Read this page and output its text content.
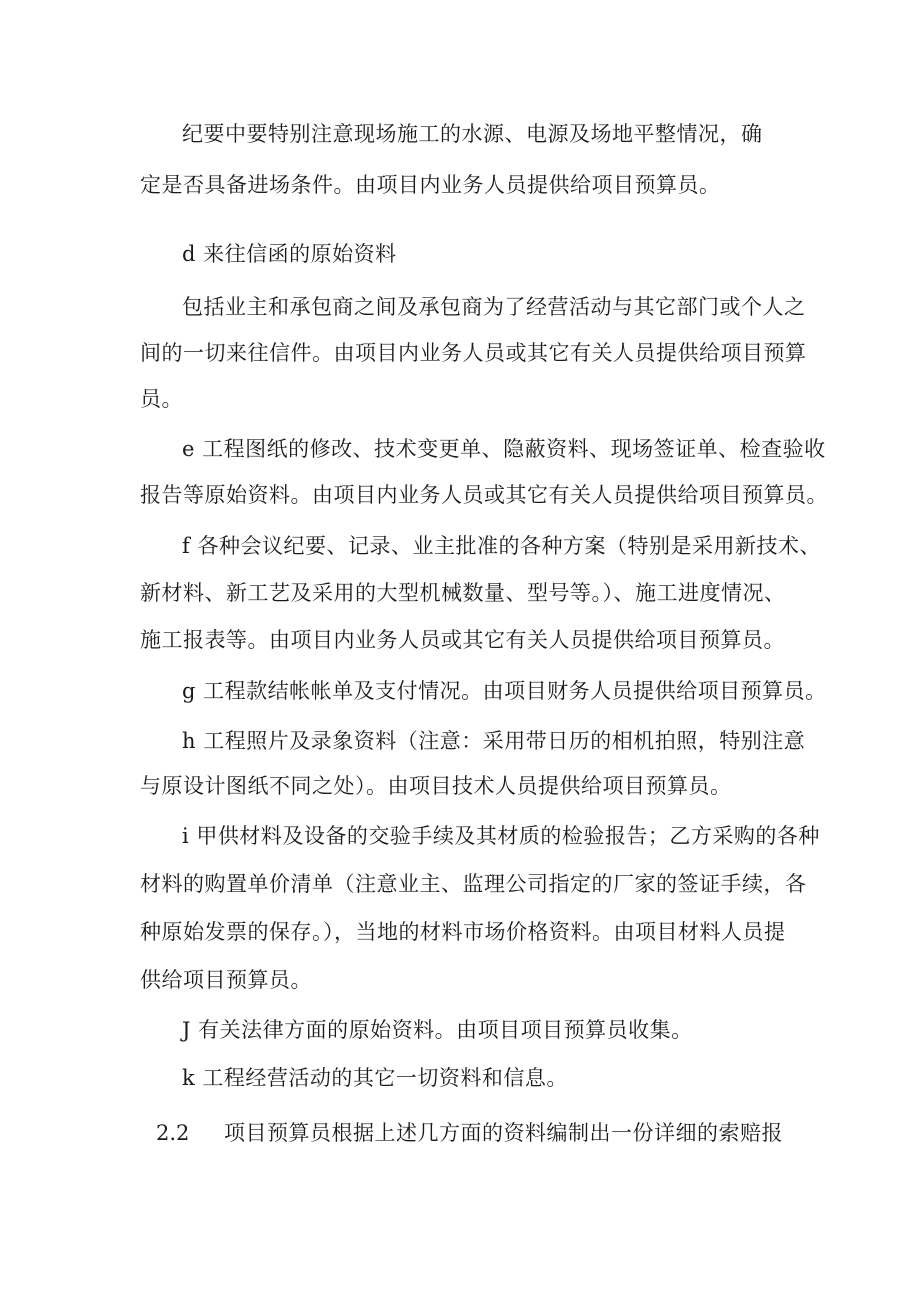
纪要中要特别注意现场施工的水源、电源及场地平整情况，确
定是否具备进场条件。由项目内业务人员提供给项目预算员。
d 来往信函的原始资料
包括业主和承包商之间及承包商为了经营活动与其它部门或个人之
间的一切来往信件。由项目内业务人员或其它有关人员提供给项目预算
员。
e 工程图纸的修改、技术变更单、隐蔽资料、现场签证单、检查验收
报告等原始资料。由项目内业务人员或其它有关人员提供给项目预算员。
f 各种会议纪要、记录、业主批准的各种方案（特别是采用新技术、
新材料、新工艺及采用的大型机械数量、型号等。）、施工进度情况、
施工报表等。由项目内业务人员或其它有关人员提供给项目预算员。
g 工程款结帐帐单及支付情况。由项目财务人员提供给项目预算员。
h 工程照片及录象资料（注意：采用带日历的相机拍照，特别注意
与原设计图纸不同之处）。由项目技术人员提供给项目预算员。
i 甲供材料及设备的交验手续及其材质的检验报告；乙方采购的各种
材料的购置单价清单（注意业主、监理公司指定的厂家的签证手续，各
种原始发票的保存。），当地的材料市场价格资料。由项目材料人员提
供给项目预算员。
J 有关法律方面的原始资料。由项目项目预算员收集。
k 工程经营活动的其它一切资料和信息。
2.2 项目预算员根据上述几方面的资料编制出一份详细的索赔报
